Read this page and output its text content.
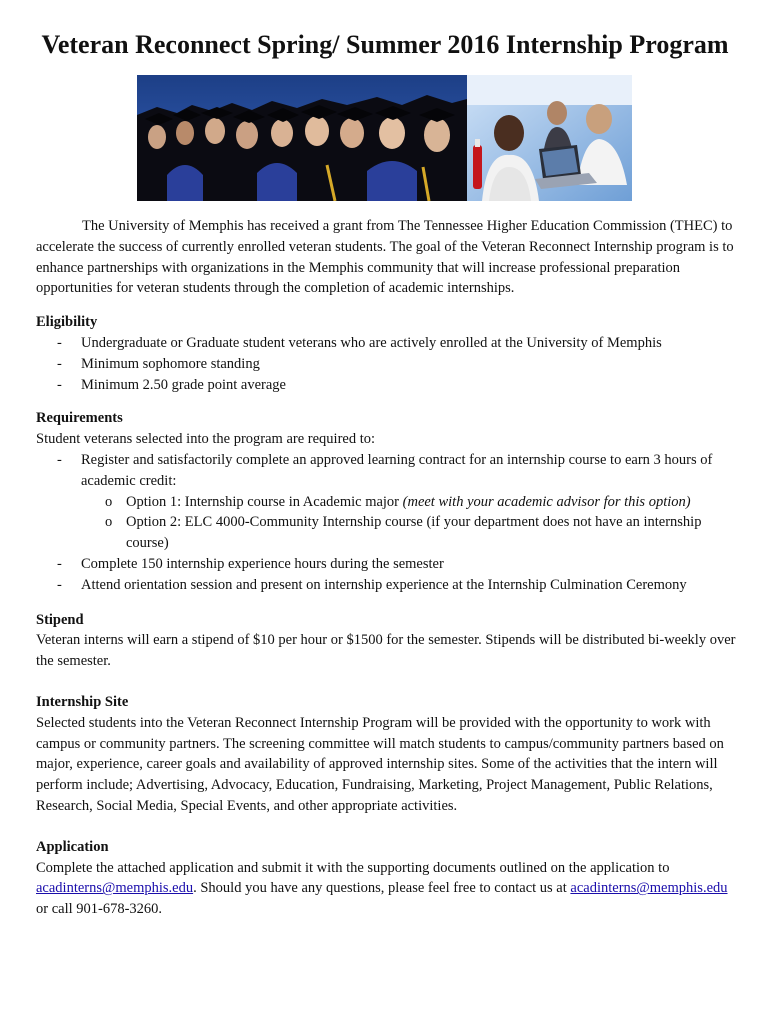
Veteran Reconnect Spring/ Summer 2016 Internship Program

The University of Memphis has received a grant from The Tennessee Higher Education Commission (THEC) to accelerate the success of currently enrolled veteran students. The goal of the Veteran Reconnect Internship program is to enhance partnerships with organizations in the Memphis community that will increase professional preparation opportunities for veteran students through the completion of academic internships.

Eligibility

- Undergraduate or Graduate student veterans who are actively enrolled at the University of Memphis
- Minimum sophomore standing
- Minimum 2.50 grade point average

Requirements

Student veterans selected into the program are required to:

- Register and satisfactorily complete an approved learning contract for an internship course to earn 3 hours of academic credit:
o Option 1: Internship course in Academic major (meet with your academic advisor for this option)
o Option 2: ELC 4000-Community Internship course (if your department does not have an internship course)
- Complete 150 internship experience hours during the semester
- Attend orientation session and present on internship experience at the Internship Culmination Ceremony

Stipend

Veteran interns will earn a stipend of $10 per hour or $1500 for the semester. Stipends will be distributed bi-weekly over the semester.

Internship Site

Selected students into the Veteran Reconnect Internship Program will be provided with the opportunity to work with campus or community partners. The screening committee will match students to campus/community partners based on major, experience, career goals and availability of approved internship sites. Some of the activities that the intern will perform include; Advertising, Advocacy, Education, Fundraising, Marketing, Project Management, Public Relations, Research, Social Media, Special Events, and other appropriate activities.

Application

Complete the attached application and submit it with the supporting documents outlined on the application to acadinterns@memphis.edu. Should you have any questions, please feel free to contact us at acadinterns@memphis.edu or call 901-678-3260.
